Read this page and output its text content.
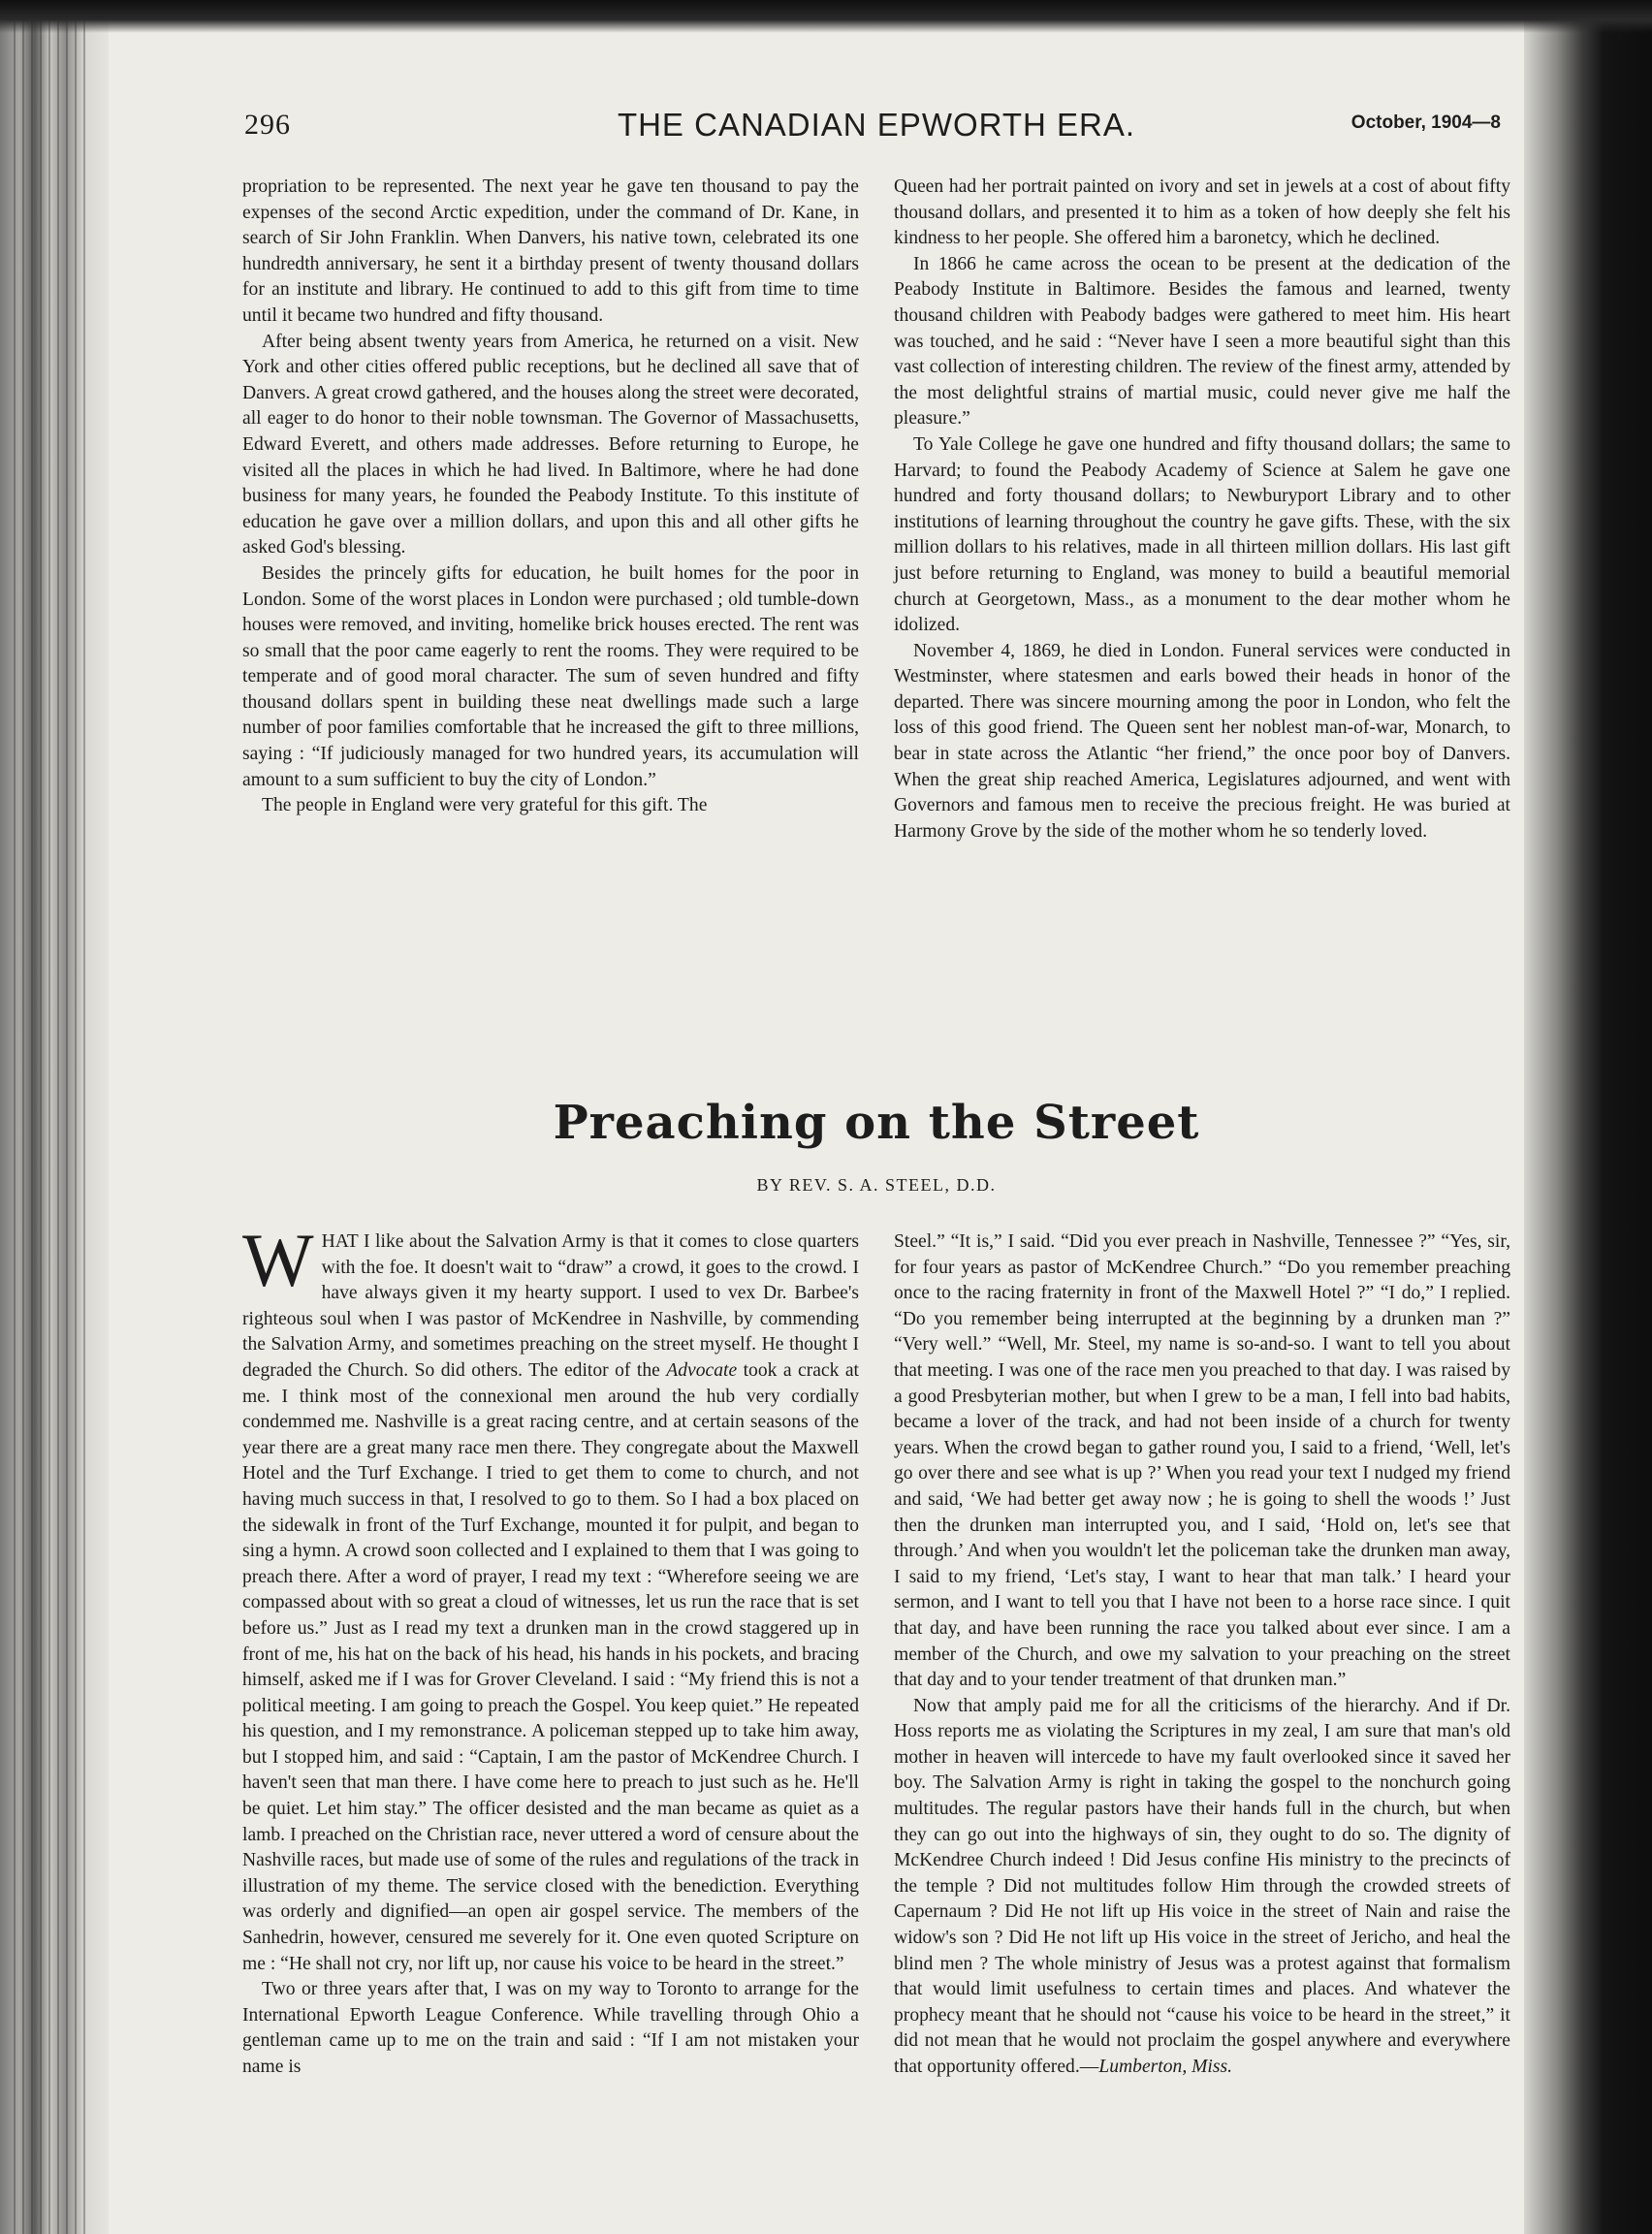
296	THE CANADIAN EPWORTH ERA.	October, 1904—8

propriation to be represented. The next year he gave ten thousand to pay the expenses of the second Arctic expedition, under the command of Dr. Kane, in search of Sir John Franklin. When Danvers, his native town, celebrated its one hundredth anniversary, he sent it a birthday present of twenty thousand dollars for an institute and library. He continued to add to this gift from time to time until it became two hundred and fifty thousand.

After being absent twenty years from America, he returned on a visit. New York and other cities offered public receptions, but he declined all save that of Danvers. A great crowd gathered, and the houses along the street were decorated, all eager to do honor to their noble townsman. The Governor of Massachusetts, Edward Everett, and others made addresses. Before returning to Europe, he visited all the places in which he had lived. In Baltimore, where he had done business for many years, he founded the Peabody Institute. To this institute of education he gave over a million dollars, and upon this and all other gifts he asked God's blessing.

Besides the princely gifts for education, he built homes for the poor in London. Some of the worst places in London were purchased ; old tumble-down houses were removed, and inviting, homelike brick houses erected. The rent was so small that the poor came eagerly to rent the rooms. They were required to be temperate and of good moral character. The sum of seven hundred and fifty thousand dollars spent in building these neat dwellings made such a large number of poor families comfortable that he increased the gift to three millions, saying : “If judiciously managed for two hundred years, its accumulation will amount to a sum sufficient to buy the city of London.”

The people in England were very grateful for this gift. The

Queen had her portrait painted on ivory and set in jewels at a cost of about fifty thousand dollars, and presented it to him as a token of how deeply she felt his kindness to her people. She offered him a baronetcy, which he declined.

In 1866 he came across the ocean to be present at the dedication of the Peabody Institute in Baltimore. Besides the famous and learned, twenty thousand children with Peabody badges were gathered to meet him. His heart was touched, and he said : “Never have I seen a more beautiful sight than this vast collection of interesting children. The review of the finest army, attended by the most delightful strains of martial music, could never give me half the pleasure.”

To Yale College he gave one hundred and fifty thousand dollars; the same to Harvard; to found the Peabody Academy of Science at Salem he gave one hundred and forty thousand dollars; to Newburyport Library and to other institutions of learning throughout the country he gave gifts. These, with the six million dollars to his relatives, made in all thirteen million dollars. His last gift just before returning to England, was money to build a beautiful memorial church at Georgetown, Mass., as a monument to the dear mother whom he idolized.

November 4, 1869, he died in London. Funeral services were conducted in Westminster, where statesmen and earls bowed their heads in honor of the departed. There was sincere mourning among the poor in London, who felt the loss of this good friend. The Queen sent her noblest man-of-war, Monarch, to bear in state across the Atlantic “her friend,” the once poor boy of Danvers. When the great ship reached America, Legislatures adjourned, and went with Governors and famous men to receive the precious freight. He was buried at Harmony Grove by the side of the mother whom he so tenderly loved.

Preaching on the Street
BY REV. S. A. STEEL, D.D.

WHAT I like about the Salvation Army is that it comes to close quarters with the foe. It doesn't wait to “draw” a crowd, it goes to the crowd. I have always given it my hearty support. I used to vex Dr. Barbee's righteous soul when I was pastor of McKendree in Nashville, by commending the Salvation Army, and sometimes preaching on the street myself. He thought I degraded the Church. So did others. The editor of the Advocate took a crack at me. I think most of the connexional men around the hub very cordially condemmed me. Nashville is a great racing centre, and at certain seasons of the year there are a great many race men there. They congregate about the Maxwell Hotel and the Turf Exchange. I tried to get them to come to church, and not having much success in that, I resolved to go to them. So I had a box placed on the sidewalk in front of the Turf Exchange, mounted it for pulpit, and began to sing a hymn. A crowd soon collected and I explained to them that I was going to preach there. After a word of prayer, I read my text : “Wherefore seeing we are compassed about with so great a cloud of witnesses, let us run the race that is set before us.” Just as I read my text a drunken man in the crowd staggered up in front of me, his hat on the back of his head, his hands in his pockets, and bracing himself, asked me if I was for Grover Cleveland. I said : “My friend this is not a political meeting. I am going to preach the Gospel. You keep quiet.” He repeated his question, and I my remonstrance. A policeman stepped up to take him away, but I stopped him, and said : “Captain, I am the pastor of McKendree Church. I haven't seen that man there. I have come here to preach to just such as he. He'll be quiet. Let him stay.” The officer desisted and the man became as quiet as a lamb. I preached on the Christian race, never uttered a word of censure about the Nashville races, but made use of some of the rules and regulations of the track in illustration of my theme. The service closed with the benediction. Everything was orderly and dignified—an open air gospel service. The members of the Sanhedrin, however, censured me severely for it. One even quoted Scripture on me : “He shall not cry, nor lift up, nor cause his voice to be heard in the street.”

Two or three years after that, I was on my way to Toronto to arrange for the International Epworth League Conference. While travelling through Ohio a gentleman came up to me on the train and said : “If I am not mistaken your name is

Steel.” “It is,” I said. “Did you ever preach in Nashville, Tennessee ?” “Yes, sir, for four years as pastor of McKendree Church.” “Do you remember preaching once to the racing fraternity in front of the Maxwell Hotel ?” “I do,” I replied. “Do you remember being interrupted at the beginning by a drunken man ?” “Very well.” “Well, Mr. Steel, my name is so-and-so. I want to tell you about that meeting. I was one of the race men you preached to that day. I was raised by a good Presbyterian mother, but when I grew to be a man, I fell into bad habits, became a lover of the track, and had not been inside of a church for twenty years. When the crowd began to gather round you, I said to a friend, ‘Well, let's go over there and see what is up ?’ When you read your text I nudged my friend and said, ‘We had better get away now ; he is going to shell the woods !’ Just then the drunken man interrupted you, and I said, ‘Hold on, let's see that through.’ And when you wouldn't let the policeman take the drunken man away, I said to my friend, ‘Let's stay, I want to hear that man talk.’ I heard your sermon, and I want to tell you that I have not been to a horse race since. I quit that day, and have been running the race you talked about ever since. I am a member of the Church, and owe my salvation to your preaching on the street that day and to your tender treatment of that drunken man.”

Now that amply paid me for all the criticisms of the hierarchy. And if Dr. Hoss reports me as violating the Scriptures in my zeal, I am sure that man's old mother in heaven will intercede to have my fault overlooked since it saved her boy. The Salvation Army is right in taking the gospel to the nonchurch going multitudes. The regular pastors have their hands full in the church, but when they can go out into the highways of sin, they ought to do so. The dignity of McKendree Church indeed ! Did Jesus confine His ministry to the precincts of the temple ? Did not multitudes follow Him through the crowded streets of Capernaum ? Did He not lift up His voice in the street of Nain and raise the widow's son ? Did He not lift up His voice in the street of Jericho, and heal the blind men ? The whole ministry of Jesus was a protest against that formalism that would limit usefulness to certain times and places. And whatever the prophecy meant that he should not “cause his voice to be heard in the street,” it did not mean that he would not proclaim the gospel anywhere and everywhere that opportunity offered.—Lumberton, Miss.
